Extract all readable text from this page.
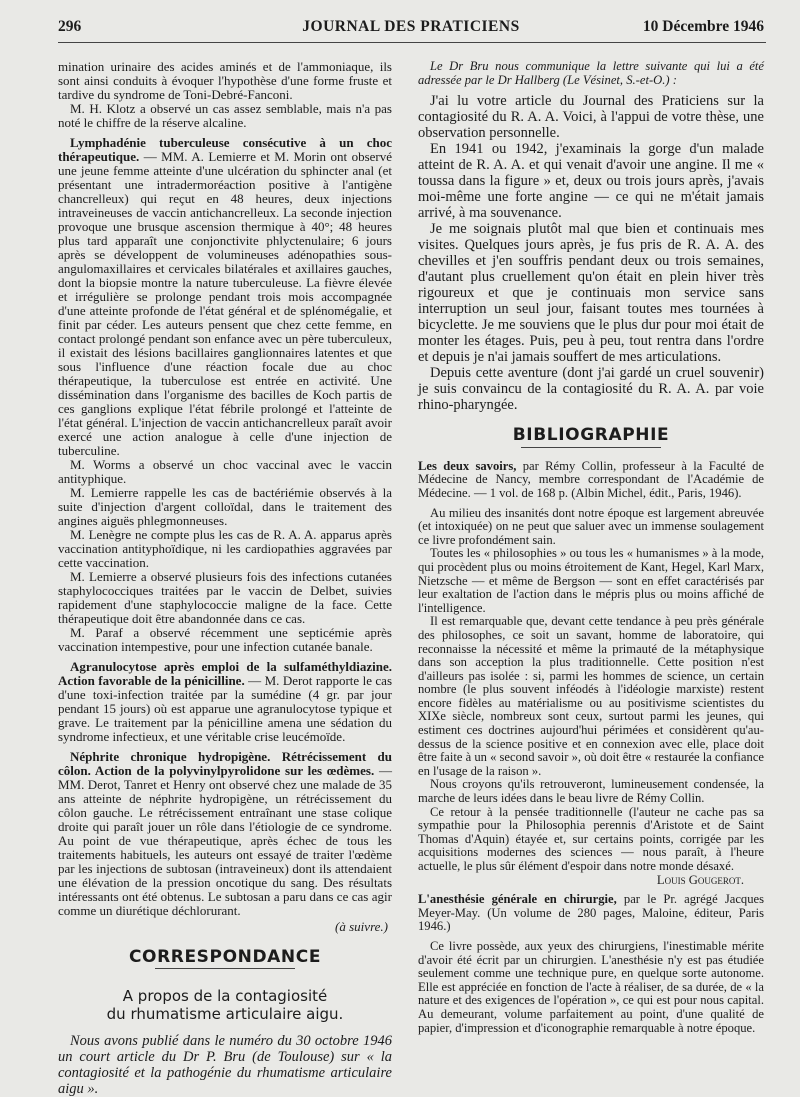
296	JOURNAL DES PRATICIENS	10 Décembre 1946

mination urinaire des acides aminés et de l'ammoniaque, ils sont ainsi conduits à évoquer l'hypothèse d'une forme fruste et tardive du syndrome de Toni-Debré-Fanconi.

M. H. Klotz a observé un cas assez semblable, mais n'a pas noté le chiffre de la réserve alcaline.

Lymphadénie tuberculeuse consécutive à un choc thérapeutique. — MM. A. Lemierre et M. Morin ont observé une jeune femme atteinte d'une ulcération du sphincter anal (et présentant une intradermoréaction positive à l'antigène chancrelleux) qui reçut en 48 heures, deux injections intraveineuses de vaccin antichancrelleux. La seconde injection provoque une brusque ascension thermique à 40°; 48 heures plus tard apparaît une conjonctivite phlyctenulaire; 6 jours après se développent de volumineuses adénopathies sous-angulomaxillaires et cervicales bilatérales et axillaires gauches, dont la biopsie montre la nature tuberculeuse. La fièvre élevée et irrégulière se prolonge pendant trois mois accompagnée d'une atteinte profonde de l'état général et de splénomégalie, et finit par céder. Les auteurs pensent que chez cette femme, en contact prolongé pendant son enfance avec un père tuberculeux, il existait des lésions bacillaires ganglionnaires latentes et que sous l'influence d'une réaction focale due au choc thérapeutique, la tuberculose est entrée en activité. Une dissémination dans l'organisme des bacilles de Koch partis de ces ganglions explique l'état fébrile prolongé et l'atteinte de l'état général. L'injection de vaccin antichancrelleux paraît avoir exercé une action analogue à celle d'une injection de tuberculine.

M. Worms a observé un choc vaccinal avec le vaccin antityphique.

M. Lemierre rappelle les cas de bactériémie observés à la suite d'injection d'argent colloïdal, dans le traitement des angines aiguës phlegmonneuses.

M. Lenègre ne compte plus les cas de R. A. A. apparus après vaccination antityphoïdique, ni les cardiopathies aggravées par cette vaccination.

M. Lemierre a observé plusieurs fois des infections cutanées staphylococciques traitées par le vaccin de Delbet, suivies rapidement d'une staphylococcie maligne de la face. Cette thérapeutique doit être abandonnée dans ce cas.

M. Paraf a observé récemment une septicémie après vaccination intempestive, pour une infection cutanée banale.

Agranulocytose après emploi de la sulfaméthyldiazine. Action favorable de la pénicilline. — M. Derot rapporte le cas d'une toxi-infection traitée par la sumédine (4 gr. par jour pendant 15 jours) où est apparue une agranulocytose typique et grave. Le traitement par la pénicilline amena une sédation du syndrome infectieux, et une véritable crise leucémoïde.

Néphrite chronique hydropigène. Rétrécissement du côlon. Action de la polyvinylpyrolidone sur les œdèmes. — MM. Derot, Tanret et Henry ont observé chez une malade de 35 ans atteinte de néphrite hydropigène, un rétrécissement du côlon gauche. Le rétrécissement entraînant une stase colique droite qui paraît jouer un rôle dans l'étiologie de ce syndrome. Au point de vue thérapeutique, après échec de tous les traitements habituels, les auteurs ont essayé de traiter l'œdème par les injections de subtosan (intraveineux) dont ils attendaient une élévation de la pression oncotique du sang. Des résultats intéressants ont été obtenus. Le subtosan a paru dans ce cas agir comme un diurétique déchlorurant.

(à suivre.)
CORRESPONDANCE
A propos de la contagiosité
du rhumatisme articulaire aigu.

Nous avons publié dans le numéro du 30 octobre 1946 un court article du Dr P. Bru (de Toulouse) sur « la contagiosité et la pathogénie du rhumatisme articulaire aigu ».

Le Dr Bru nous communique la lettre suivante qui lui a été adressée par le Dr Hallberg (Le Vésinet, S.-et-O.) :

J'ai lu votre article du Journal des Praticiens sur la contagiosité du R. A. A. Voici, à l'appui de votre thèse, une observation personnelle.

En 1941 ou 1942, j'examinais la gorge d'un malade atteint de R. A. A. et qui venait d'avoir une angine. Il me « toussa dans la figure » et, deux ou trois jours après, j'avais moi-même une forte angine — ce qui ne m'était jamais arrivé, à ma souvenance.

Je me soignais plutôt mal que bien et continuais mes visites. Quelques jours après, je fus pris de R. A. A. des chevilles et j'en souffris pendant deux ou trois semaines, d'autant plus cruellement qu'on était en plein hiver très rigoureux et que je continuais mon service sans interruption un seul jour, faisant toutes mes tournées à bicyclette. Je me souviens que le plus dur pour moi était de monter les étages. Puis, peu à peu, tout rentra dans l'ordre et depuis je n'ai jamais souffert de mes articulations.

Depuis cette aventure (dont j'ai gardé un cruel souvenir) je suis convaincu de la contagiosité du R. A. A. par voie rhino-pharyngée.

BIBLIOGRAPHIE

Les deux savoirs, par Rémy Collin, professeur à la Faculté de Médecine de Nancy, membre correspondant de l'Académie de Médecine. — 1 vol. de 168 p. (Albin Michel, édit., Paris, 1946).

Au milieu des insanités dont notre époque est largement abreuvée (et intoxiquée) on ne peut que saluer avec un immense soulagement ce livre profondément sain.

Toutes les « philosophies » ou tous les « humanismes » à la mode, qui procèdent plus ou moins étroitement de Kant, Hegel, Karl Marx, Nietzsche — et même de Bergson — sont en effet caractérisés par leur exaltation de l'action dans le mépris plus ou moins affiché de l'intelligence.

Il est remarquable que, devant cette tendance à peu près générale des philosophes, ce soit un savant, homme de laboratoire, qui reconnaisse la nécessité et même la primauté de la métaphysique dans son acception la plus traditionnelle. Cette position n'est d'ailleurs pas isolée : si, parmi les hommes de science, un certain nombre (le plus souvent inféodés à l'idéologie marxiste) restent encore fidèles au matérialisme ou au positivisme scientistes du XIXe siècle, nombreux sont ceux, surtout parmi les jeunes, qui estiment ces doctrines aujourd'hui périmées et considèrent qu'au-dessus de la science positive et en connexion avec elle, place doit être faite à un « second savoir », où doit être « restaurée la confiance en l'usage de la raison ».

Nous croyons qu'ils retrouveront, lumineusement condensée, la marche de leurs idées dans le beau livre de Rémy Collin.

Ce retour à la pensée traditionnelle (l'auteur ne cache pas sa sympathie pour la Philosophia perennis d'Aristote et de Saint Thomas d'Aquin) étayée et, sur certains points, corrigée par les acquisitions modernes des sciences — nous paraît, à l'heure actuelle, le plus sûr élément d'espoir dans notre monde désaxé.

Louis Gougerot.

L'anesthésie générale en chirurgie, par le Pr. agrégé Jacques Meyer-May. (Un volume de 280 pages, Maloine, éditeur, Paris 1946.)

Ce livre possède, aux yeux des chirurgiens, l'inestimable mérite d'avoir été écrit par un chirurgien. L'anesthésie n'y est pas étudiée seulement comme une technique pure, en quelque sorte autonome. Elle est appréciée en fonction de l'acte à réaliser, de sa durée, de « la nature et des exigences de l'opération », ce qui est pour nous capital. Au demeurant, volume parfaitement au point, d'une qualité de papier, d'impression et d'iconographie remarquable à notre époque.
